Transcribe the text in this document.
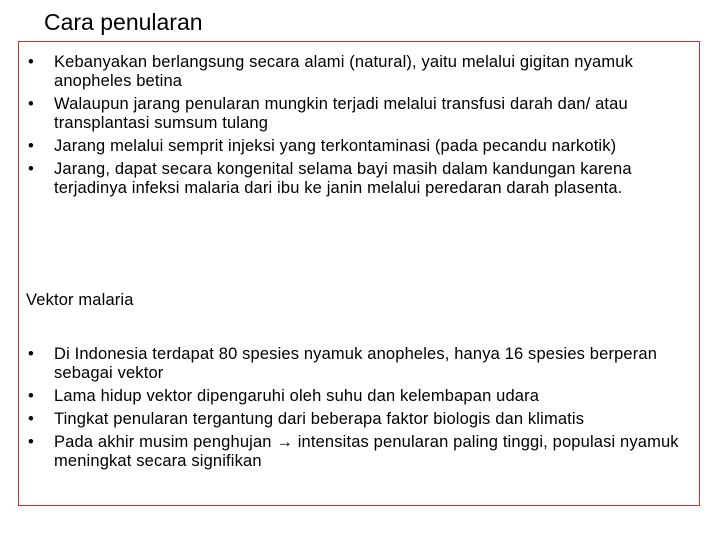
Cara penularan
• Kebanyakan berlangsung secara alami (natural), yaitu melalui gigitan nyamuk anopheles betina
• Walaupun jarang penularan mungkin terjadi melalui transfusi darah dan/ atau transplantasi sumsum tulang
• Jarang melalui semprit injeksi yang terkontaminasi (pada pecandu narkotik)
• Jarang, dapat secara kongenital selama bayi masih dalam kandungan karena terjadinya infeksi malaria dari ibu ke janin melalui peredaran darah plasenta.
Vektor malaria
• Di Indonesia terdapat 80 spesies nyamuk anopheles, hanya 16 spesies berperan sebagai vektor
• Lama hidup vektor dipengaruhi oleh suhu dan kelembapan udara
• Tingkat penularan tergantung dari beberapa faktor biologis dan klimatis
• Pada akhir musim penghujan → intensitas penularan paling tinggi, populasi nyamuk meningkat secara signifikan
